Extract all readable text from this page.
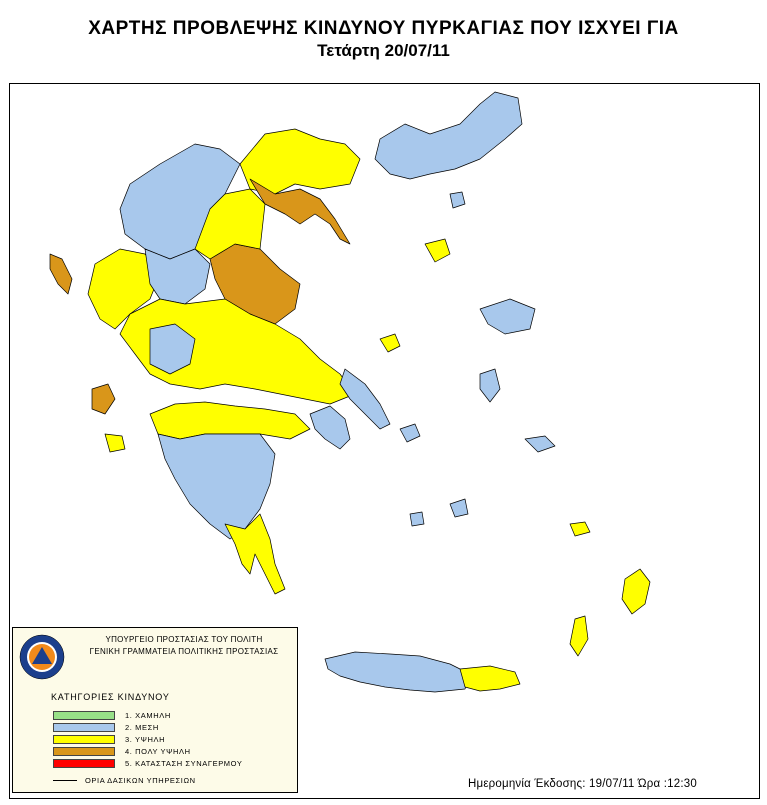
ΧΑΡΤΗΣ ΠΡΟΒΛΕΨΗΣ ΚΙΝΔΥΝΟΥ ΠΥΡΚΑΓΙΑΣ ΠΟΥ ΙΣΧΥΕΙ ΓΙΑ
Τετάρτη 20/07/11
ΥΠΟΥΡΓΕΙΟ ΠΡΟΣΤΑΣΙΑΣ ΤΟΥ ΠΟΛΙΤΗ
ΓΕΝΙΚΗ ΓΡΑΜΜΑΤΕΙΑ ΠΟΛΙΤΙΚΗΣ ΠΡΟΣΤΑΣΙΑΣ
ΚΑΤΗΓΟΡΙΕΣ ΚΙΝΔΥΝΟΥ
1. ΧΑΜΗΛΗ
2. ΜΕΣΗ
3. ΥΨΗΛΗ
4. ΠΟΛΥ ΥΨΗΛΗ
5. ΚΑΤΑΣΤΑΣΗ ΣΥΝΑΓΕΡΜΟΥ
ΟΡΙΑ ΔΑΣΙΚΩΝ ΥΠΗΡΕΣΙΩΝ	Ημερομηνία Έκδοσης: 19/07/11 Ώρα :12:30
